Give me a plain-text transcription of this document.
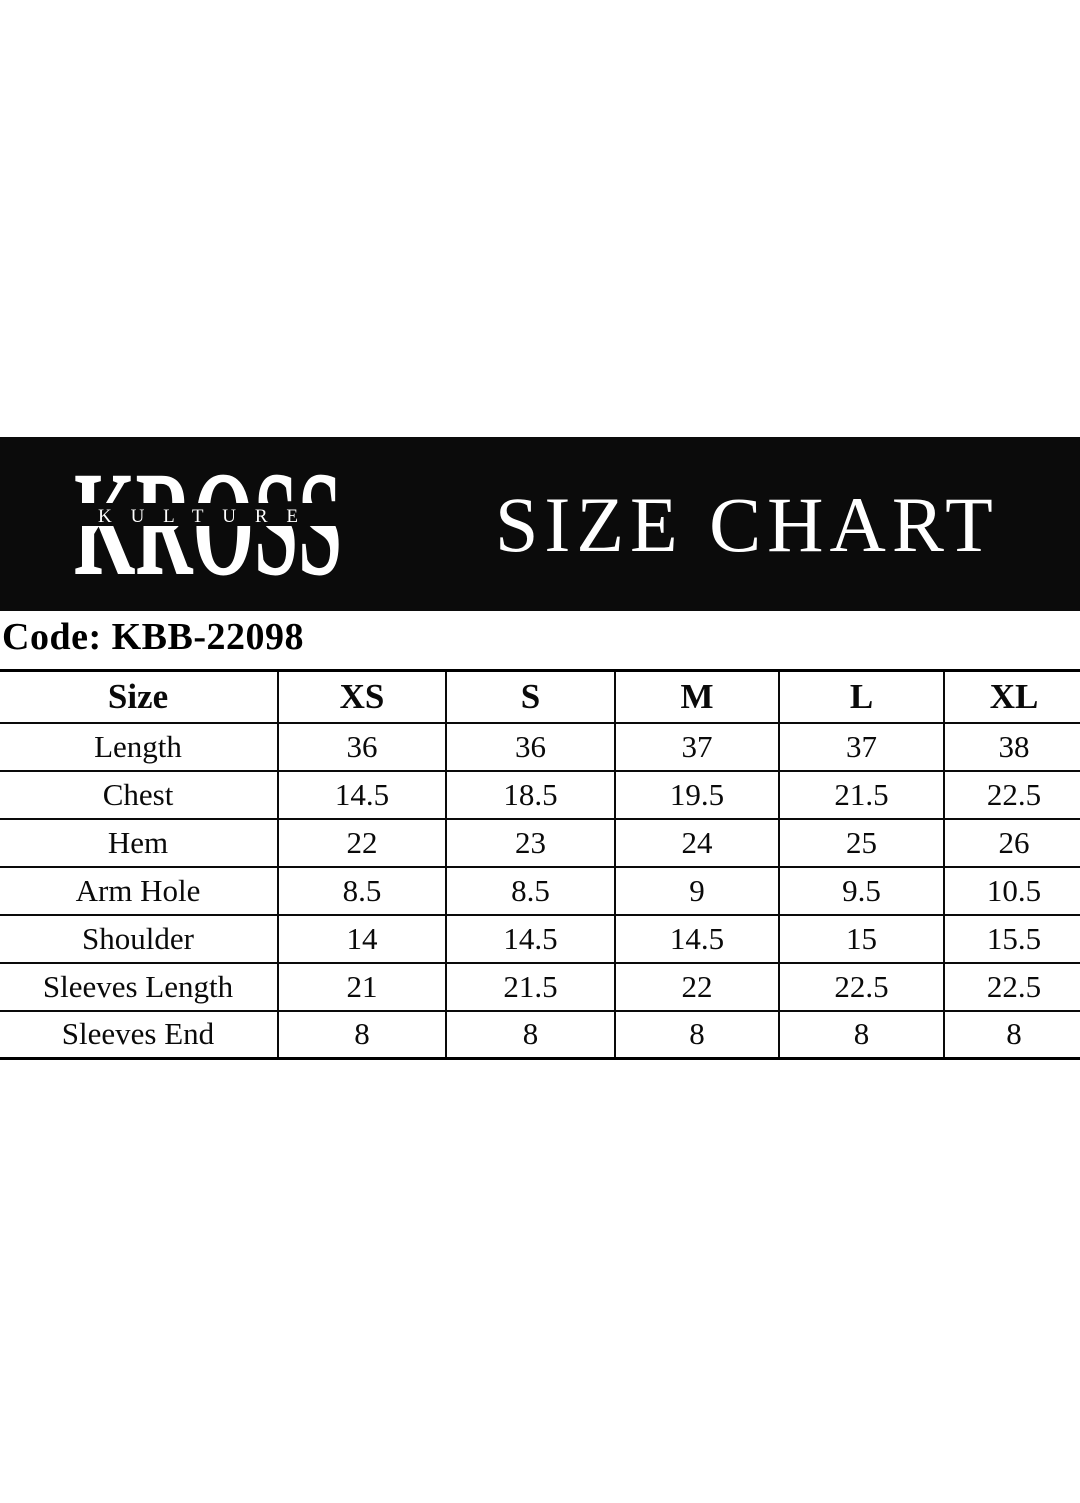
KULTURE	SIZE CHART
Code: KBB-22098
Size	XS	S	M	L	XL
Length	36	36	37	37	38
Chest	14.5	18.5	19.5	21.5	22.5
Hem	22	23	24	25	26
Arm Hole	8.5	8.5	9	9.5	10.5
Shoulder	14	14.5	14.5	15	15.5
Sleeves Length	21	21.5	22	22.5	22.5
Sleeves End	8	8	8	8	8
